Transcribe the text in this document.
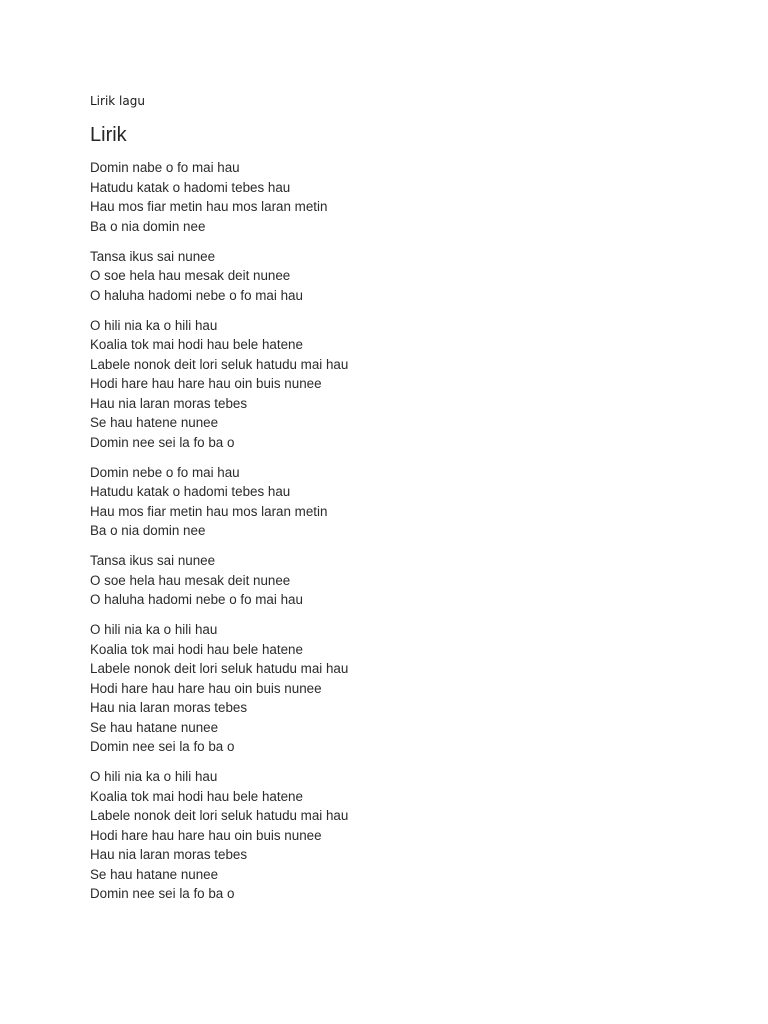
Lirik lagu
Lirik
Domin nabe o fo mai hau
Hatudu katak o hadomi tebes hau
Hau mos fiar metin hau mos laran metin
Ba o nia domin nee
Tansa ikus sai nunee
O soe hela hau mesak deit nunee
O haluha hadomi nebe o fo mai hau
O hili nia ka o hili hau
Koalia tok mai hodi hau bele hatene
Labele nonok deit lori seluk hatudu mai hau
Hodi hare hau hare hau oin buis nunee
Hau nia laran moras tebes
Se hau hatene nunee
Domin nee sei la fo ba o
Domin nebe o fo mai hau
Hatudu katak o hadomi tebes hau
Hau mos fiar metin hau mos laran metin
Ba o nia domin nee
Tansa ikus sai nunee
O soe hela hau mesak deit nunee
O haluha hadomi nebe o fo mai hau
O hili nia ka o hili hau
Koalia tok mai hodi hau bele hatene
Labele nonok deit lori seluk hatudu mai hau
Hodi hare hau hare hau oin buis nunee
Hau nia laran moras tebes
Se hau hatane nunee
Domin nee sei la fo ba o
O hili nia ka o hili hau
Koalia tok mai hodi hau bele hatene
Labele nonok deit lori seluk hatudu mai hau
Hodi hare hau hare hau oin buis nunee
Hau nia laran moras tebes
Se hau hatane nunee
Domin nee sei la fo ba o
